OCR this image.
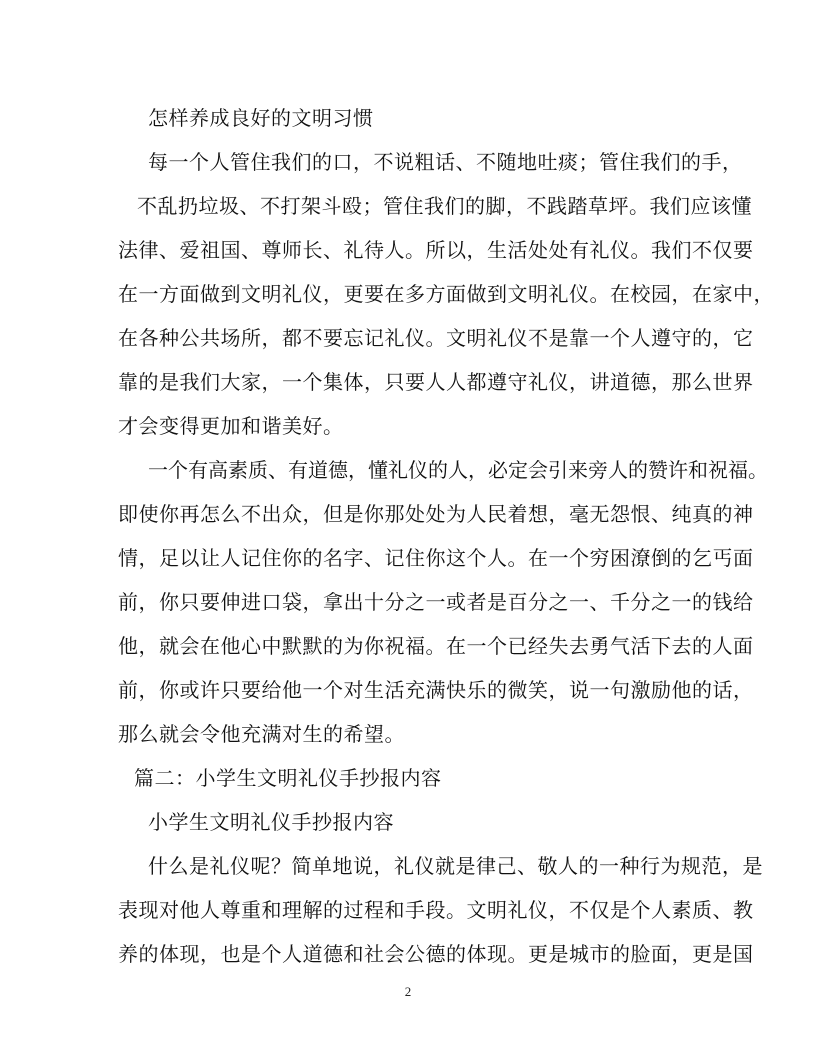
怎样养成良好的文明习惯
每一个人管住我们的口，不说粗话、不随地吐痰；管住我们的手，
不乱扔垃圾、不打架斗殴；管住我们的脚，不践踏草坪。我们应该懂
法律、爱祖国、尊师长、礼待人。所以，生活处处有礼仪。我们不仅要
在一方面做到文明礼仪，更要在多方面做到文明礼仪。在校园，在家中，
在各种公共场所，都不要忘记礼仪。文明礼仪不是靠一个人遵守的，它
靠的是我们大家，一个集体，只要人人都遵守礼仪，讲道德，那么世界
才会变得更加和谐美好。
一个有高素质、有道德，懂礼仪的人，必定会引来旁人的赞许和祝福。
即使你再怎么不出众，但是你那处处为人民着想，毫无怨恨、纯真的神
情，足以让人记住你的名字、记住你这个人。在一个穷困潦倒的乞丐面
前，你只要伸进口袋，拿出十分之一或者是百分之一、千分之一的钱给
他，就会在他心中默默的为你祝福。在一个已经失去勇气活下去的人面
前，你或许只要给他一个对生活充满快乐的微笑，说一句激励他的话，
那么就会令他充满对生的希望。
篇二：小学生文明礼仪手抄报内容
小学生文明礼仪手抄报内容
什么是礼仪呢？简单地说，礼仪就是律己、敬人的一种行为规范，是
表现对他人尊重和理解的过程和手段。文明礼仪，不仅是个人素质、教
养的体现，也是个人道德和社会公德的体现。更是城市的脸面，更是国
2
